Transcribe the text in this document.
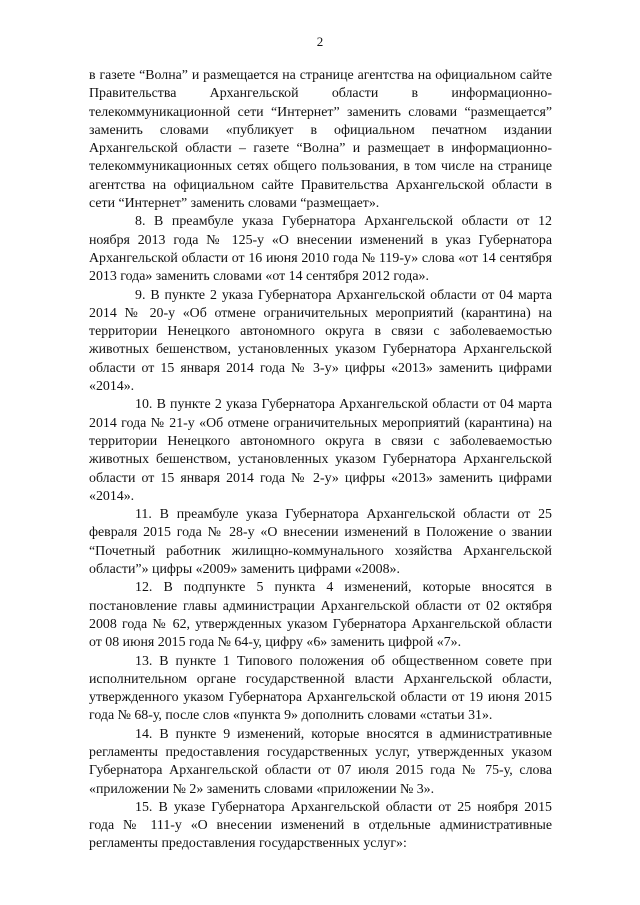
2

в газете “Волна” и размещается на странице агентства на официальном сайте Правительства Архангельской области в информационно-телекоммуникационной сети “Интернет” заменить словами “размещается” заменить словами «публикует в официальном печатном издании Архангельской области – газете “Волна” и размещает в информационно-телекоммуникационных сетях общего пользования, в том числе на странице агентства на официальном сайте Правительства Архангельской области в сети “Интернет” заменить словами “размещает».

8. В преамбуле указа Губернатора Архангельской области от 12 ноября 2013 года № 125-у «О внесении изменений в указ Губернатора Архангельской области от 16 июня 2010 года № 119-у» слова «от 14 сентября 2013 года» заменить словами «от 14 сентября 2012 года».

9. В пункте 2 указа Губернатора Архангельской области от 04 марта 2014 № 20-у «Об отмене ограничительных мероприятий (карантина) на территории Ненецкого автономного округа в связи с заболеваемостью животных бешенством, установленных указом Губернатора Архангельской области от 15 января 2014 года № 3-у» цифры «2013» заменить цифрами «2014».

10. В пункте 2 указа Губернатора Архангельской области от 04 марта 2014 года № 21-у «Об отмене ограничительных мероприятий (карантина) на территории Ненецкого автономного округа в связи с заболеваемостью животных бешенством, установленных указом Губернатора Архангельской области от 15 января 2014 года № 2-у» цифры «2013» заменить цифрами «2014».

11. В преамбуле указа Губернатора Архангельской области от 25 февраля 2015 года № 28-у «О внесении изменений в Положение о звании “Почетный работник жилищно-коммунального хозяйства Архангельской области”» цифры «2009» заменить цифрами «2008».

12. В подпункте 5 пункта 4 изменений, которые вносятся в постановление главы администрации Архангельской области от 02 октября 2008 года № 62, утвержденных указом Губернатора Архангельской области от 08 июня 2015 года № 64-у, цифру «6» заменить цифрой «7».

13. В пункте 1 Типового положения об общественном совете при исполнительном органе государственной власти Архангельской области, утвержденного указом Губернатора Архангельской области от 19 июня 2015 года № 68-у, после слов «пункта 9» дополнить словами «статьи 31».

14. В пункте 9 изменений, которые вносятся в административные регламенты предоставления государственных услуг, утвержденных указом Губернатора Архангельской области от 07 июля 2015 года № 75-у, слова «приложении № 2» заменить словами «приложении № 3».

15. В указе Губернатора Архангельской области от 25 ноября 2015 года № 111-у «О внесении изменений в отдельные административные регламенты предоставления государственных услуг»:
